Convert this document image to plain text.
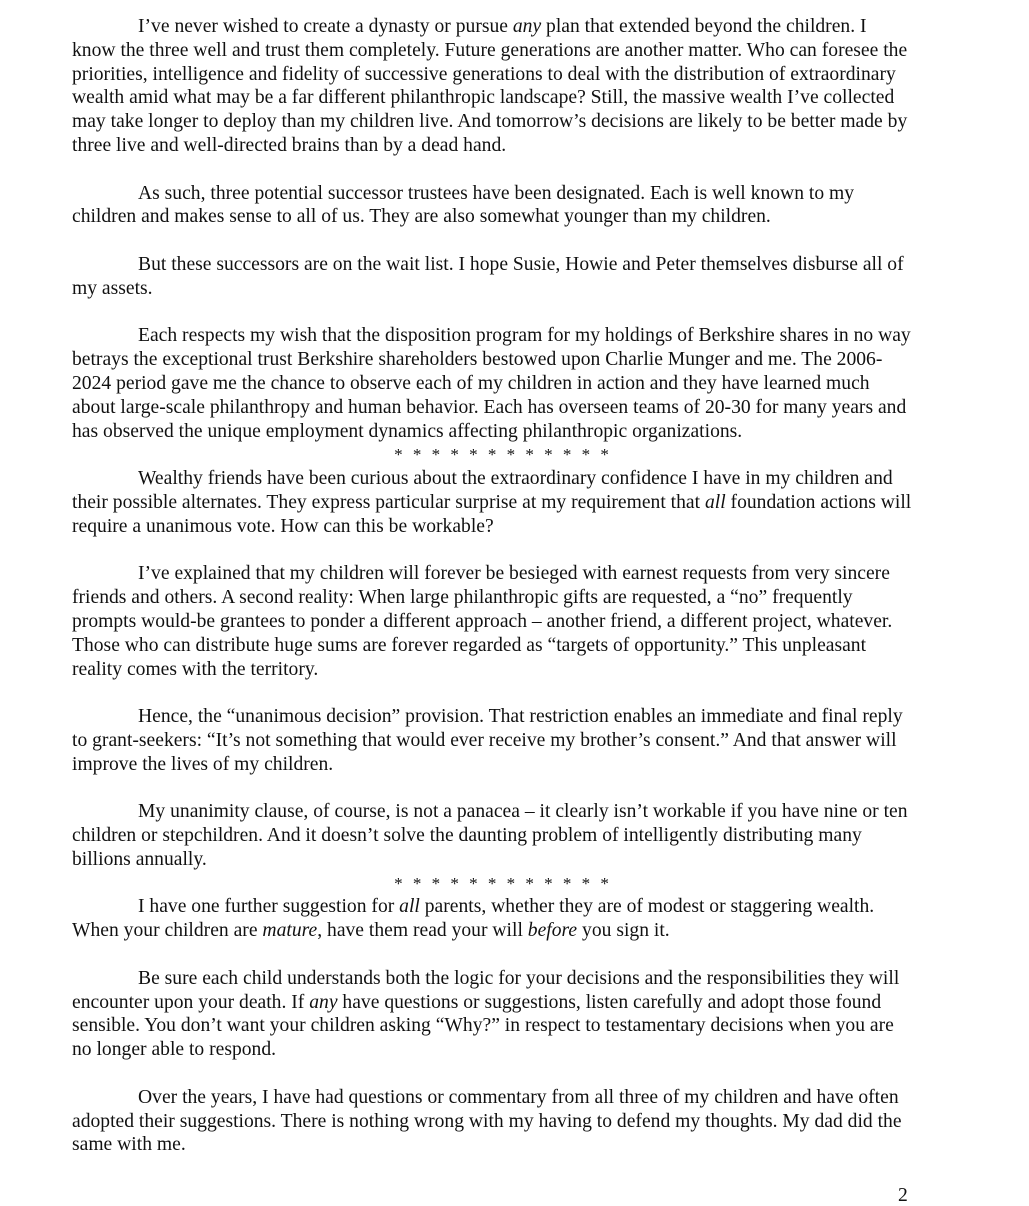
I’ve never wished to create a dynasty or pursue any plan that extended beyond the children. I know the three well and trust them completely. Future generations are another matter. Who can foresee the priorities, intelligence and fidelity of successive generations to deal with the distribution of extraordinary wealth amid what may be a far different philanthropic landscape? Still, the massive wealth I’ve collected may take longer to deploy than my children live. And tomorrow’s decisions are likely to be better made by three live and well-directed brains than by a dead hand.

As such, three potential successor trustees have been designated. Each is well known to my children and makes sense to all of us. They are also somewhat younger than my children.

But these successors are on the wait list. I hope Susie, Howie and Peter themselves disburse all of my assets.

Each respects my wish that the disposition program for my holdings of Berkshire shares in no way betrays the exceptional trust Berkshire shareholders bestowed upon Charlie Munger and me. The 2006-2024 period gave me the chance to observe each of my children in action and they have learned much about large-scale philanthropy and human behavior. Each has overseen teams of 20-30 for many years and has observed the unique employment dynamics affecting philanthropic organizations.

* * * * * * * * * * * *

Wealthy friends have been curious about the extraordinary confidence I have in my children and their possible alternates. They express particular surprise at my requirement that all foundation actions will require a unanimous vote. How can this be workable?

I’ve explained that my children will forever be besieged with earnest requests from very sincere friends and others. A second reality: When large philanthropic gifts are requested, a “no” frequently prompts would-be grantees to ponder a different approach – another friend, a different project, whatever. Those who can distribute huge sums are forever regarded as “targets of opportunity.” This unpleasant reality comes with the territory.

Hence, the “unanimous decision” provision. That restriction enables an immediate and final reply to grant-seekers: “It’s not something that would ever receive my brother’s consent.” And that answer will improve the lives of my children.

My unanimity clause, of course, is not a panacea – it clearly isn’t workable if you have nine or ten children or stepchildren. And it doesn’t solve the daunting problem of intelligently distributing many billions annually.

* * * * * * * * * * * *

I have one further suggestion for all parents, whether they are of modest or staggering wealth. When your children are mature, have them read your will before you sign it.

Be sure each child understands both the logic for your decisions and the responsibilities they will encounter upon your death. If any have questions or suggestions, listen carefully and adopt those found sensible. You don’t want your children asking “Why?” in respect to testamentary decisions when you are no longer able to respond.

Over the years, I have had questions or commentary from all three of my children and have often adopted their suggestions. There is nothing wrong with my having to defend my thoughts. My dad did the same with me.

2
